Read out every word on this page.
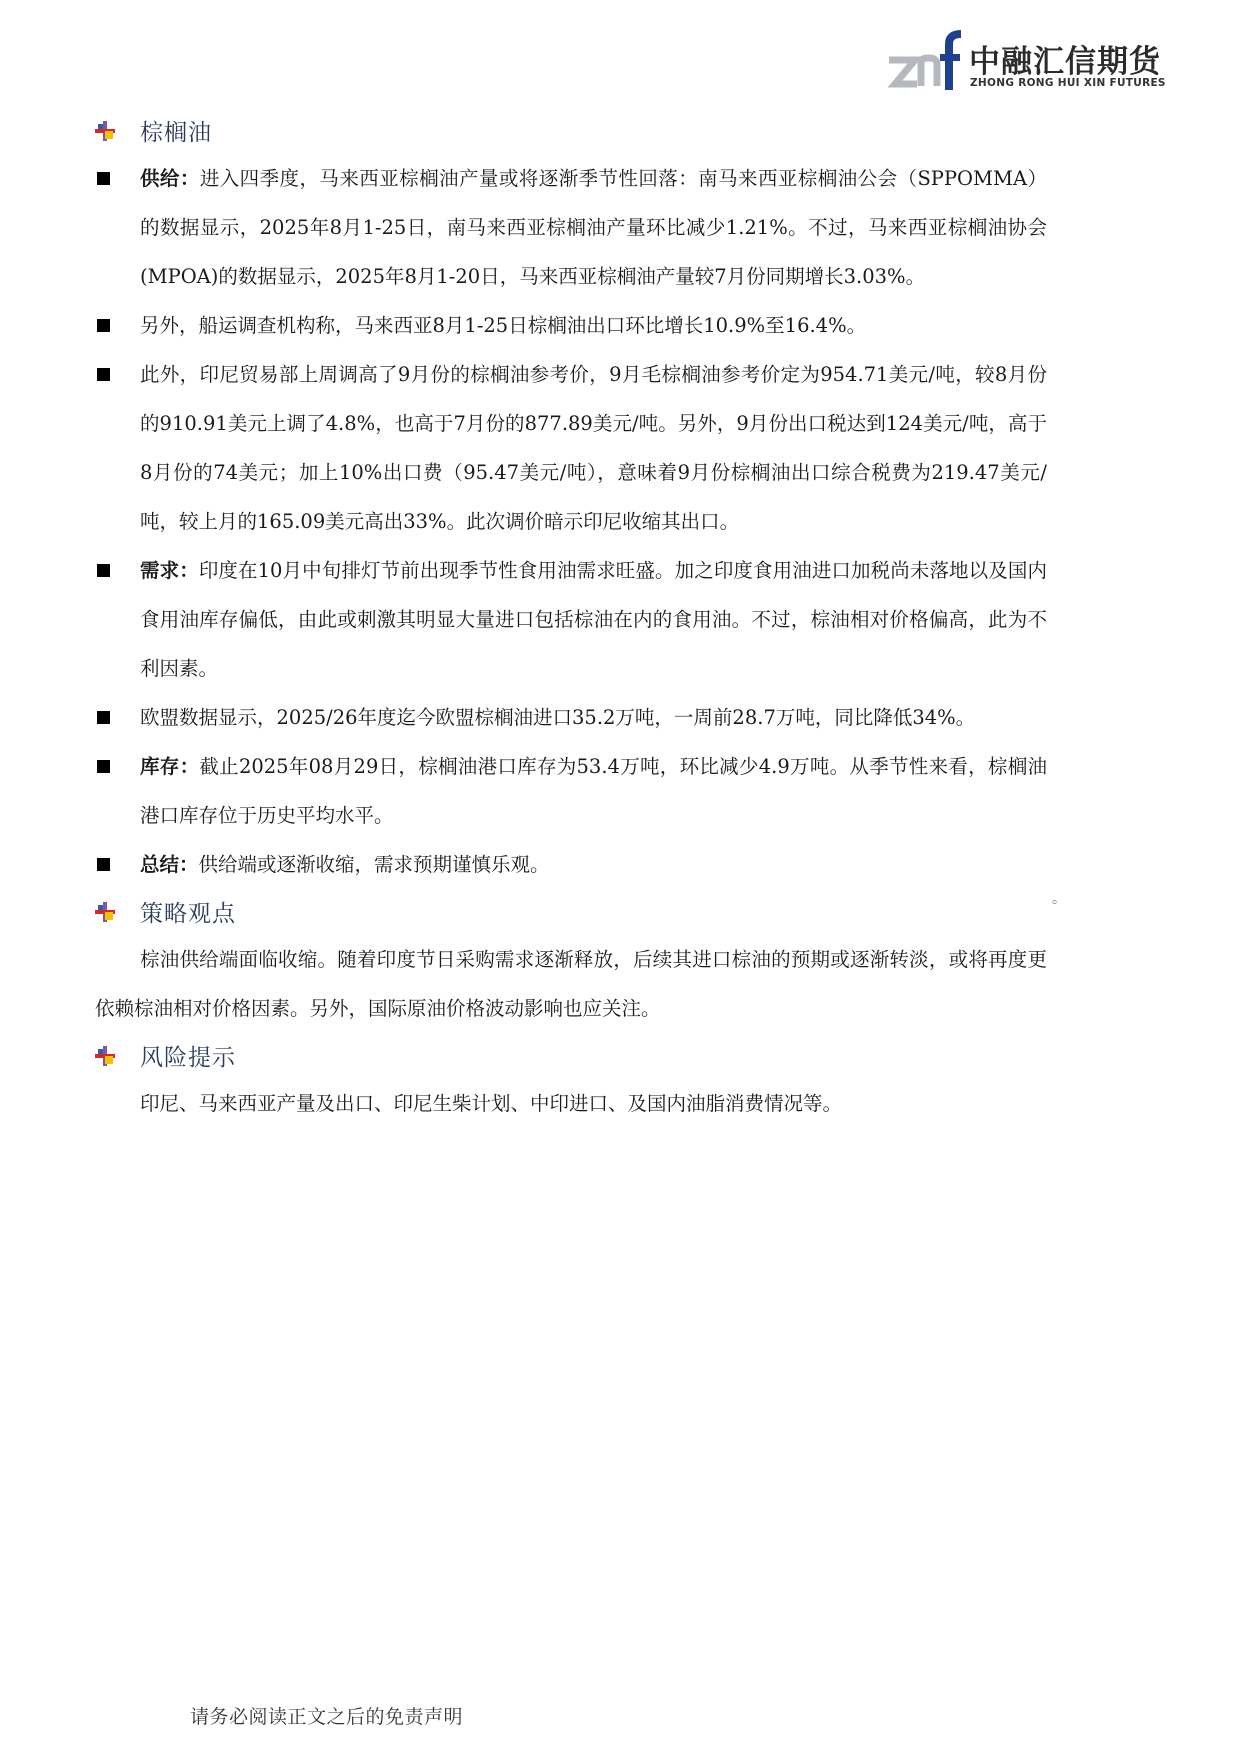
中融汇信期货
ZHONG RONG HUI XIN FUTURES
棕榈油
供给：进入四季度，马来西亚棕榈油产量或将逐渐季节性回落：南马来西亚棕榈油公会（SPPOMMA）的数据显示，2025年8月1-25日，南马来西亚棕榈油产量环比减少1.21%。不过，马来西亚棕榈油协会(MPOA)的数据显示，2025年8月1-20日，马来西亚棕榈油产量较7月份同期增长3.03%。
另外，船运调查机构称，马来西亚8月1-25日棕榈油出口环比增长10.9%至16.4%。
此外，印尼贸易部上周调高了9月份的棕榈油参考价，9月毛棕榈油参考价定为954.71美元/吨，较8月份的910.91美元上调了4.8%，也高于7月份的877.89美元/吨。另外，9月份出口税达到124美元/吨，高于8月份的74美元；加上10%出口费（95.47美元/吨），意味着9月份棕榈油出口综合税费为219.47美元/吨，较上月的165.09美元高出33%。此次调价暗示印尼收缩其出口。
需求：印度在10月中旬排灯节前出现季节性食用油需求旺盛。加之印度食用油进口加税尚未落地以及国内食用油库存偏低，由此或刺激其明显大量进口包括棕油在内的食用油。不过，棕油相对价格偏高，此为不利因素。
欧盟数据显示，2025/26年度迄今欧盟棕榈油进口35.2万吨，一周前28.7万吨，同比降低34%。
库存：截止2025年08月29日，棕榈油港口库存为53.4万吨，环比减少4.9万吨。从季节性来看，棕榈油港口库存位于历史平均水平。
总结：供给端或逐渐收缩，需求预期谨慎乐观。
策略观点

棕油供给端面临收缩。随着印度节日采购需求逐渐释放，后续其进口棕油的预期或逐渐转淡，或将再度更依赖棕油相对价格因素。另外，国际原油价格波动影响也应关注。

风险提示

印尼、马来西亚产量及出口、印尼生柴计划、中印进口、及国内油脂消费情况等。

。
请务必阅读正文之后的免责声明
